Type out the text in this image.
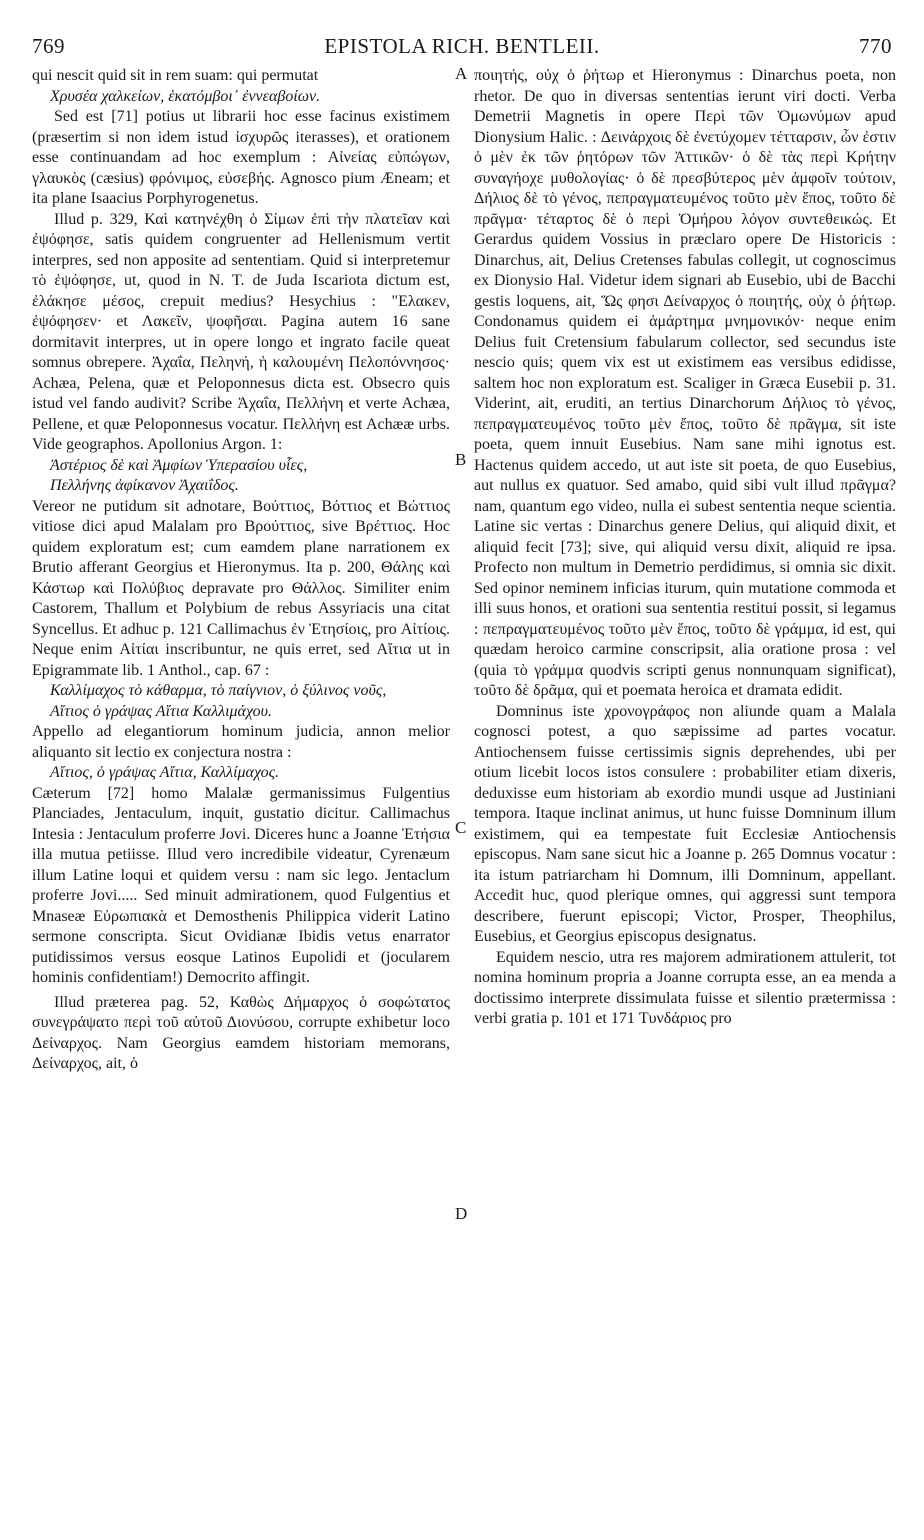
769	EPISTOLA RICH. BENTLEII.	770
A
B
C
D

qui nescit quid sit in rem suam: qui permutat

Χρυσέα χαλκείων, ἑκατόμβοι᾽ ἐννεαβοίων.

Sed est [71] potius ut librarii hoc esse facinus existimem (præsertim si non idem istud ἰσχυρῶς iterasses), et orationem esse continuandam ad hoc exemplum : Αἰνείας εὐπώγων, γλαυκὸς (cæsius) φρόνιμος, εὐσεβής. Agnosco pium Æneam; et ita plane Isaacius Porphyrogenetus.

Illud p. 329, Καὶ κατηνέχθη ὁ Σίμων ἐπὶ τὴν πλατεῖαν καὶ ἐψόφησε, satis quidem congruenter ad Hellenismum vertit interpres, sed non apposite ad sententiam. Quid si interpretemur τὸ ἐψόφησε, ut, quod in N. T. de Juda Iscariota dictum est, ἐλάκησε μέσος, crepuit medius? Hesychius : "Ελακεν, ἐψόφησεν· et Λακεῖν, ψοφῆσαι. Pagina autem 16 sane dormitavit interpres, ut in opere longo et ingrato facile queat somnus obrepere. Ἀχαΐα, Πεληνή, ἡ καλουμένη Πελοπόννησος· Achæa, Pelena, quæ et Peloponnesus dicta est. Obsecro quis istud vel fando audivit? Scribe Ἀχαΐα, Πελλήνη et verte Achæa, Pellene, et quæ Peloponnesus vocatur. Πελλήνη est Achææ urbs. Vide geographos. Apollonius Argon. 1:

Ἀστέριος δὲ καὶ Ἀμφίων Ὑπερασίου υἷες,

Πελλήνης ἀφίκανον Ἀχαιΐδος.

Vereor ne putidum sit adnotare, Βούττιος, Βόττιος et Βώττιος vitiose dici apud Malalam pro Βρούττιος, sive Βρέττιος. Hoc quidem exploratum est; cum eamdem plane narrationem ex Brutio afferant Georgius et Hieronymus. Ita p. 200, Θάλης καὶ Κάστωρ καὶ Πολύβιος depravate pro Θάλλος. Similiter enim Castorem, Thallum et Polybium de rebus Assyriacis una citat Syncellus. Et adhuc p. 121 Callimachus ἐν Ἐτησίοις, pro Αἰτίοις. Neque enim Αἰτίαι inscribuntur, ne quis erret, sed Αἴτια ut in Epigrammate lib. 1 Anthol., cap. 67 :

Καλλίμαχος τὸ κάθαρμα, τὸ παίγνιον, ὁ ξύλινος νοῦς,

Αἴτιος ὁ γράψας Αἴτια Καλλιμάχου.

Appello ad elegantiorum hominum judicia, annon melior aliquanto sit lectio ex conjectura nostra :

Αἴτιος, ὁ γράψας Αἴτια, Καλλίμαχος.

Cæterum [72] homo Malalæ germanissimus Fulgentius Planciades, Jentaculum, inquit, gustatio dicitur. Callimachus Intesia : Jentaculum proferre Jovi. Diceres hunc a Joanne Ἐτήσια illa mutua petiisse. Illud vero incredibile videatur, Cyrenæum illum Latine loqui et quidem versu : nam sic lego. Jentaclum proferre Jovi..... Sed minuit admirationem, quod Fulgentius et Mnaseæ Εὐρωπιακὰ et Demosthenis Philippica viderit Latino sermone conscripta. Sicut Ovidianæ Ibidis vetus enarrator putidissimos versus eosque Latinos Eupolidi et (jocularem hominis confidentiam!) Democrito affingit.

Illud præterea pag. 52, Καθὼς Δήμαρχος ὁ σοφώτατος συνεγράψατο περὶ τοῦ αὐτοῦ Διονύσου, corrupte exhibetur loco Δείναρχος. Nam Georgius eamdem historiam memorans, Δείναρχος, ait, ὁ

ποιητής, οὐχ ὁ ῥήτωρ et Hieronymus : Dinarchus poeta, non rhetor. De quo in diversas sententias ierunt viri docti. Verba Demetrii Magnetis in opere Περὶ τῶν Ὁμωνύμων apud Dionysium Halic. : Δεινάρχοις δὲ ἐνετύχομεν τέτταρσιν, ὧν ἐστιν ὁ μὲν ἐκ τῶν ῥητόρων τῶν Ἀττικῶν· ὁ δὲ τὰς περὶ Κρήτην συναγήοχε μυθολογίας· ὁ δὲ πρεσβύτερος μὲν ἀμφοῖν τούτοιν, Δήλιος δὲ τὸ γένος, πεπραγματευμένος τοῦτο μὲν ἔπος, τοῦτο δὲ πρᾶγμα· τέταρτος δὲ ὁ περὶ Ὁμήρου λόγον συντεθεικώς. Et Gerardus quidem Vossius in præclaro opere De Historicis : Dinarchus, ait, Delius Cretenses fabulas collegit, ut cognoscimus ex Dionysio Hal. Videtur idem signari ab Eusebio, ubi de Bacchi gestis loquens, ait, Ὥς φησι Δείναρχος ὁ ποιητής, οὐχ ὁ ῥήτωρ. Condonamus quidem ei ἁμάρτημα μνημονικόν· neque enim Delius fuit Cretensium fabularum collector, sed secundus iste nescio quis; quem vix est ut existimem eas versibus edidisse, saltem hoc non exploratum est. Scaliger in Græca Eusebii p. 31. Viderint, ait, eruditi, an tertius Dinarchorum Δήλιος τὸ γένος, πεπραγματευμένος τοῦτο μὲν ἔπος, τοῦτο δὲ πρᾶγμα, sit iste poeta, quem innuit Eusebius. Nam sane mihi ignotus est. Hactenus quidem accedo, ut aut iste sit poeta, de quo Eusebius, aut nullus ex quatuor. Sed amabo, quid sibi vult illud πρᾶγμα? nam, quantum ego video, nulla ei subest sententia neque scientia. Latine sic vertas : Dinarchus genere Delius, qui aliquid dixit, et aliquid fecit [73]; sive, qui aliquid versu dixit, aliquid re ipsa. Profecto non multum in Demetrio perdidimus, si omnia sic dixit. Sed opinor neminem inficias iturum, quin mutatione commoda et illi suus honos, et orationi sua sententia restitui possit, si legamus : πεπραγματευμένος τοῦτο μὲν ἔπος, τοῦτο δὲ γράμμα, id est, qui quædam heroico carmine conscripsit, alia oratione prosa : vel (quia τὸ γράμμα quodvis scripti genus nonnunquam significat), τοῦτο δὲ δρᾶμα, qui et poemata heroica et dramata edidit.

Domninus iste χρονογράφος non aliunde quam a Malala cognosci potest, a quo sæpissime ad partes vocatur. Antiochensem fuisse certissimis signis deprehendes, ubi per otium licebit locos istos consulere : probabiliter etiam dixeris, deduxisse eum historiam ab exordio mundi usque ad Justiniani tempora. Itaque inclinat animus, ut hunc fuisse Domninum illum existimem, qui ea tempestate fuit Ecclesiæ Antiochensis episcopus. Nam sane sicut hic a Joanne p. 265 Domnus vocatur : ita istum patriarcham hi Domnum, illi Domninum, appellant. Accedit huc, quod plerique omnes, qui aggressi sunt tempora describere, fuerunt episcopi; Victor, Prosper, Theophilus, Eusebius, et Georgius episcopus designatus.

Equidem nescio, utra res majorem admirationem attulerit, tot nomina hominum propria a Joanne corrupta esse, an ea menda a doctissimo interprete dissimulata fuisse et silentio prætermissa : verbi gratia p. 101 et 171 Τυνδάριος pro
